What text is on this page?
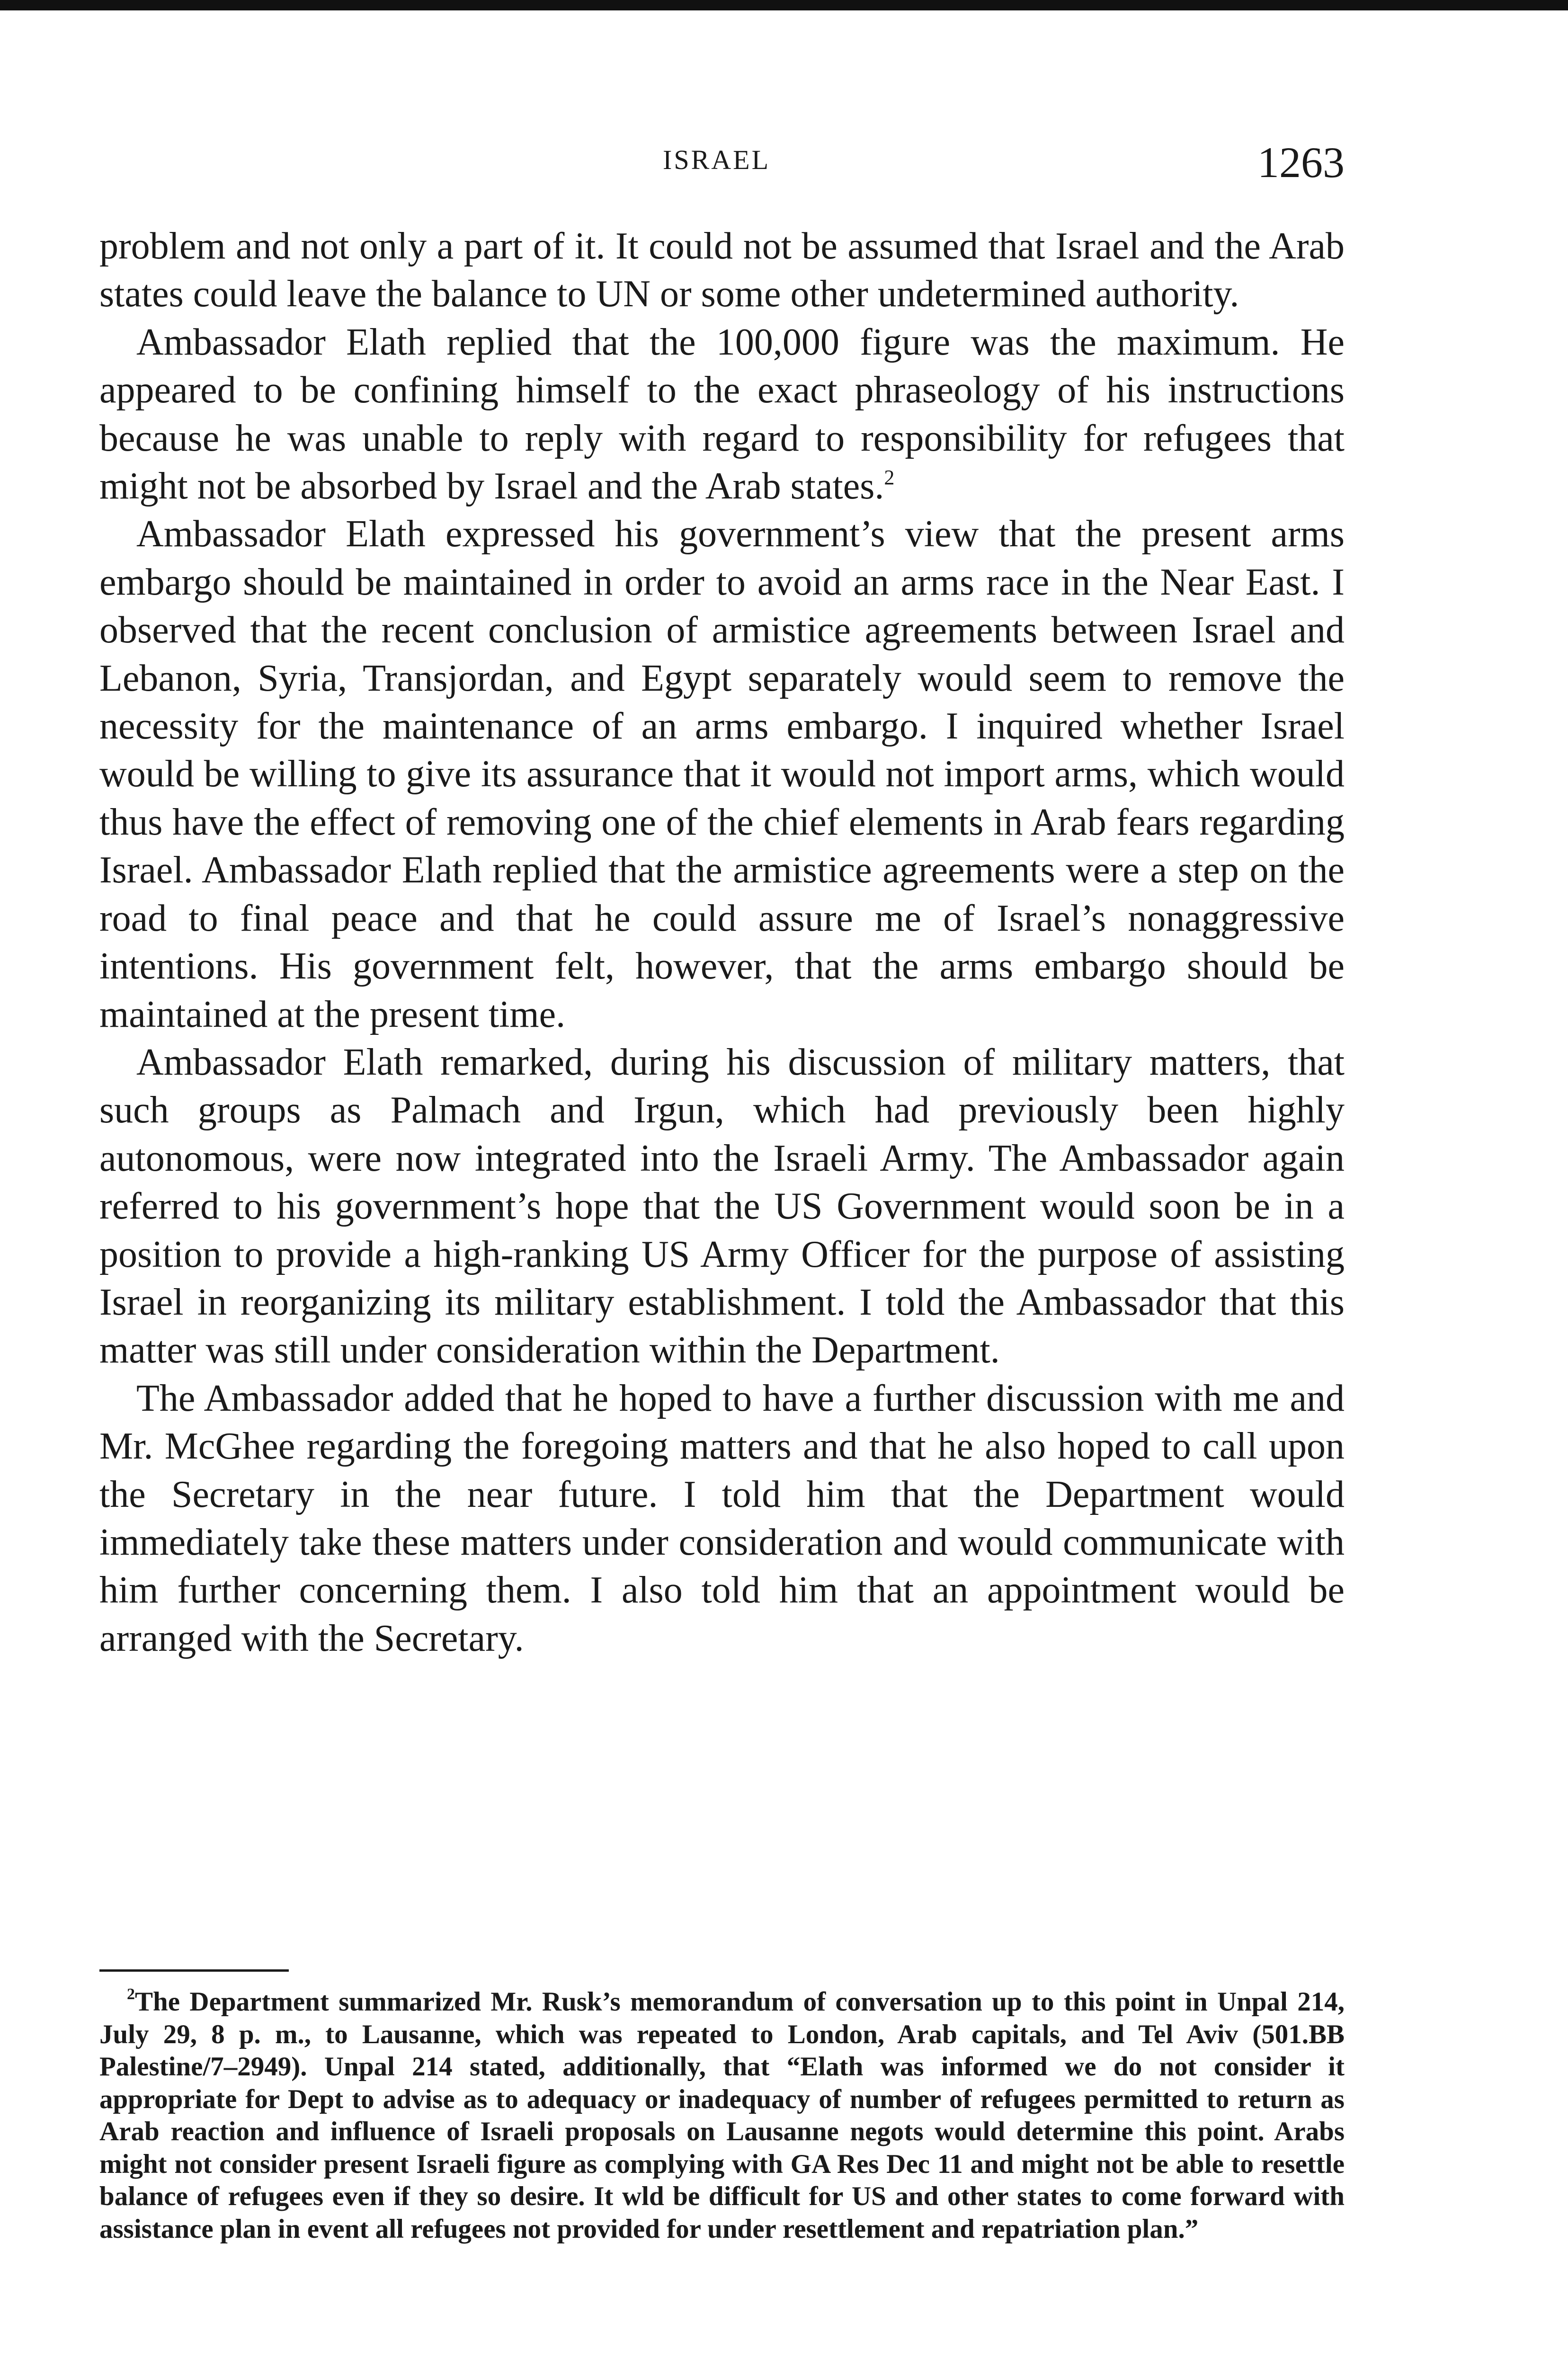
ISRAEL	1263

problem and not only a part of it. It could not be assumed that Israel and the Arab states could leave the balance to UN or some other undetermined authority.

Ambassador Elath replied that the 100,000 figure was the maximum. He appeared to be confining himself to the exact phraseology of his instructions because he was unable to reply with regard to responsibility for refugees that might not be absorbed by Israel and the Arab states.$^2$

Ambassador Elath expressed his government’s view that the present arms embargo should be maintained in order to avoid an arms race in the Near East. I observed that the recent conclusion of armistice agreements between Israel and Lebanon, Syria, Transjordan, and Egypt separately would seem to remove the necessity for the maintenance of an arms embargo. I inquired whether Israel would be willing to give its assurance that it would not import arms, which would thus have the effect of removing one of the chief elements in Arab fears regarding Israel. Ambassador Elath replied that the armistice agreements were a step on the road to final peace and that he could assure me of Israel’s nonaggressive intentions. His government felt, however, that the arms embargo should be maintained at the present time.

Ambassador Elath remarked, during his discussion of military matters, that such groups as Palmach and Irgun, which had previously been highly autonomous, were now integrated into the Israeli Army. The Ambassador again referred to his government’s hope that the US Government would soon be in a position to provide a high-ranking US Army Officer for the purpose of assisting Israel in reorganizing its military establishment. I told the Ambassador that this matter was still under consideration within the Department.

The Ambassador added that he hoped to have a further discussion with me and Mr. McGhee regarding the foregoing matters and that he also hoped to call upon the Secretary in the near future. I told him that the Department would immediately take these matters under consideration and would communicate with him further concerning them. I also told him that an appointment would be arranged with the Secretary.

$^2$The Department summarized Mr. Rusk’s memorandum of conversation up to this point in Unpal 214, July 29, 8 p. m., to Lausanne, which was repeated to London, Arab capitals, and Tel Aviv (501.BB Palestine/7–2949). Unpal 214 stated, additionally, that “Elath was informed we do not consider it appropriate for Dept to advise as to adequacy or inadequacy of number of refugees permitted to return as Arab reaction and influence of Israeli proposals on Lausanne negots would determine this point. Arabs might not consider present Israeli figure as complying with GA Res Dec 11 and might not be able to resettle balance of refugees even if they so desire. It wld be difficult for US and other states to come forward with assistance plan in event all refugees not provided for under resettlement and repatriation plan.”
